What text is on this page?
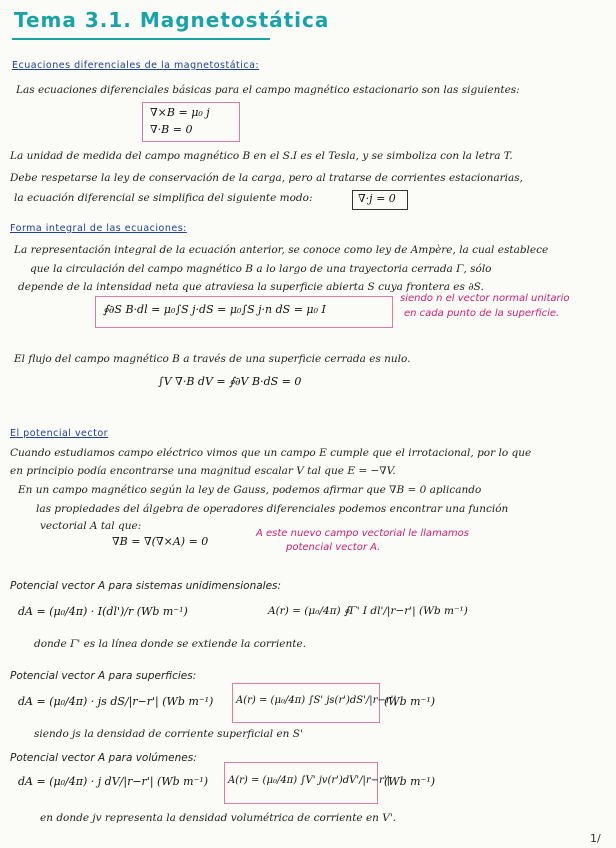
Tema 3.1. Magnetostática
Ecuaciones diferenciales de la magnetostática:
Las ecuaciones diferenciales básicas para el campo magnético estacionario son las siguientes:
∇×B = μ₀ j
∇·B = 0
La unidad de medida del campo magnético B en el S.I es el Tesla, y se simboliza con la letra T.
Debe respetarse la ley de conservación de la carga, pero al tratarse de corrientes estacionarias,
la ecuación diferencial se simplifica del siguiente modo:	∇·j = 0
Forma integral de las ecuaciones:
La representación integral de la ecuación anterior, se conoce como ley de Ampère, la cual establece
que la circulación del campo magnético B a lo largo de una trayectoria cerrada Γ, sólo
depende de la intensidad neta que atraviesa la superficie abierta S cuya frontera es ∂S.
∮∂S B·dl = μ₀∫S j·dS = μ₀∫S j·n dS = μ₀ I
siendo n el vector normal unitario
en cada punto de la superficie.
El flujo del campo magnético B a través de una superficie cerrada es nulo.
∫V ∇·B dV = ∮∂V B·dS = 0
El potencial vector
Cuando estudiamos campo eléctrico vimos que un campo E cumple que el irrotacional, por lo que
en principio podía encontrarse una magnitud escalar V tal que E = −∇V.
En un campo magnético según la ley de Gauss, podemos afirmar que ∇B = 0 aplicando
las propiedades del álgebra de operadores diferenciales podemos encontrar una función
vectorial A tal que:
∇B = ∇(∇×A) = 0
A este nuevo campo vectorial le llamamos
potencial vector A.
Potencial vector A para sistemas unidimensionales:
dA = (μ₀/4π) · I(dl')/r (Wb m⁻¹)	A(r) = (μ₀/4π) ∮Γ' I dl'/|r−r'| (Wb m⁻¹)
donde Γ' es la línea donde se extiende la corriente.
Potencial vector A para superficies:
dA = (μ₀/4π) · js dS/|r−r'| (Wb m⁻¹) A(r) = (μ₀/4π) ∫S' js(r')dS'/|r−r'|
(Wb m⁻¹)
siendo js la densidad de corriente superficial en S'
Potencial vector A para volúmenes:
dA = (μ₀/4π) · j dV/|r−r'| (Wb m⁻¹) A(r) = (μ₀/4π) ∫V' jv(r')dV'/|r−r'|
(Wb m⁻¹)
en donde jv representa la densidad volumétrica de corriente en V'.
1/
